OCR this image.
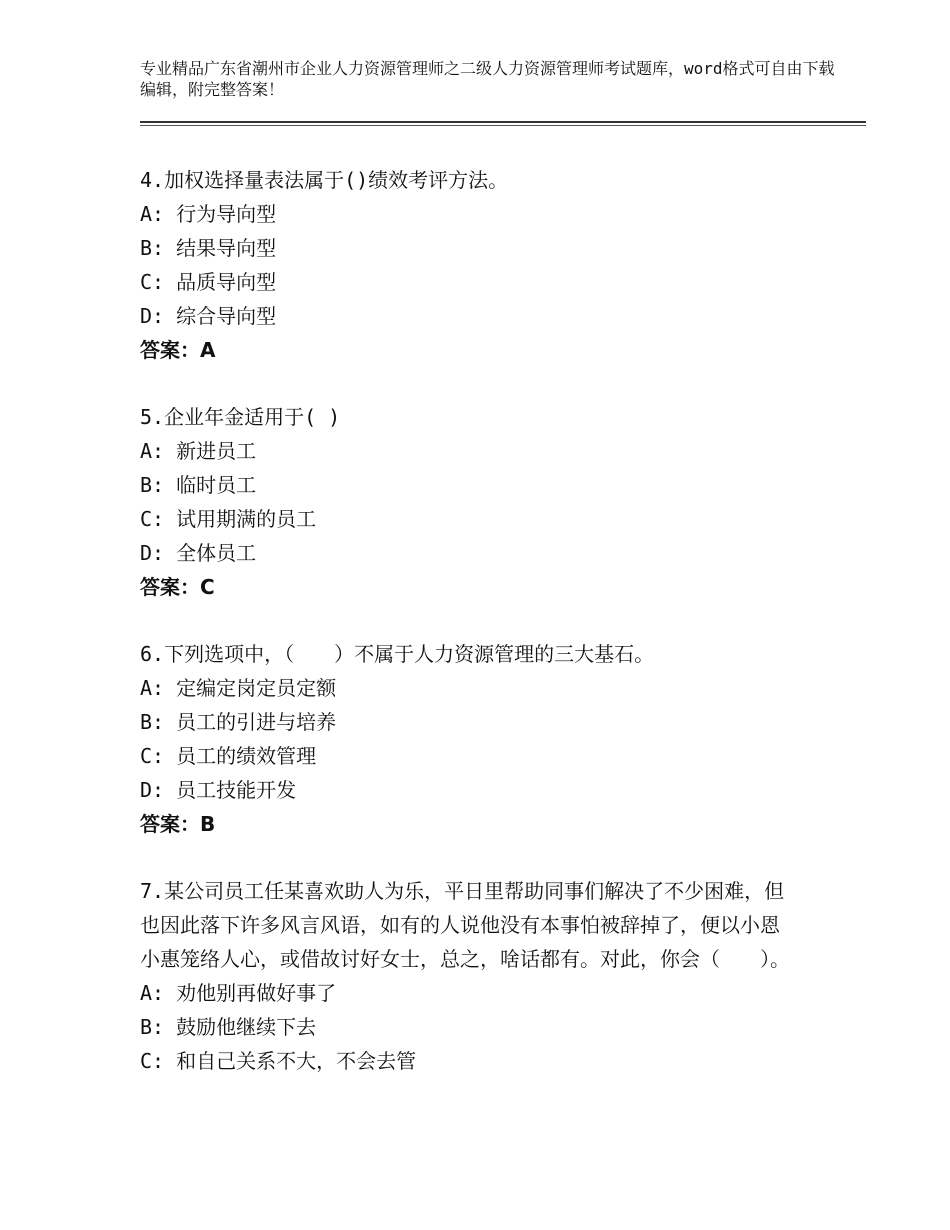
专业精品广东省潮州市企业人力资源管理师之二级人力资源管理师考试题库，word格式可自由下载编辑，附完整答案！

4.加权选择量表法属于()绩效考评方法。

A: 行为导向型

B: 结果导向型

C: 品质导向型

D: 综合导向型

答案：A

5.企业年金适用于( )

A: 新进员工

B: 临时员工

C: 试用期满的员工

D: 全体员工

答案：C

6.下列选项中，（　　）不属于人力资源管理的三大基石。

A: 定编定岗定员定额

B: 员工的引进与培养

C: 员工的绩效管理

D: 员工技能开发

答案：B

7.某公司员工任某喜欢助人为乐，平日里帮助同事们解决了不少困难，但也因此落下许多风言风语，如有的人说他没有本事怕被辞掉了，便以小恩小惠笼络人心，或借故讨好女士，总之，啥话都有。对此，你会（　　）。

A: 劝他别再做好事了

B: 鼓励他继续下去

C: 和自己关系不大，不会去管
